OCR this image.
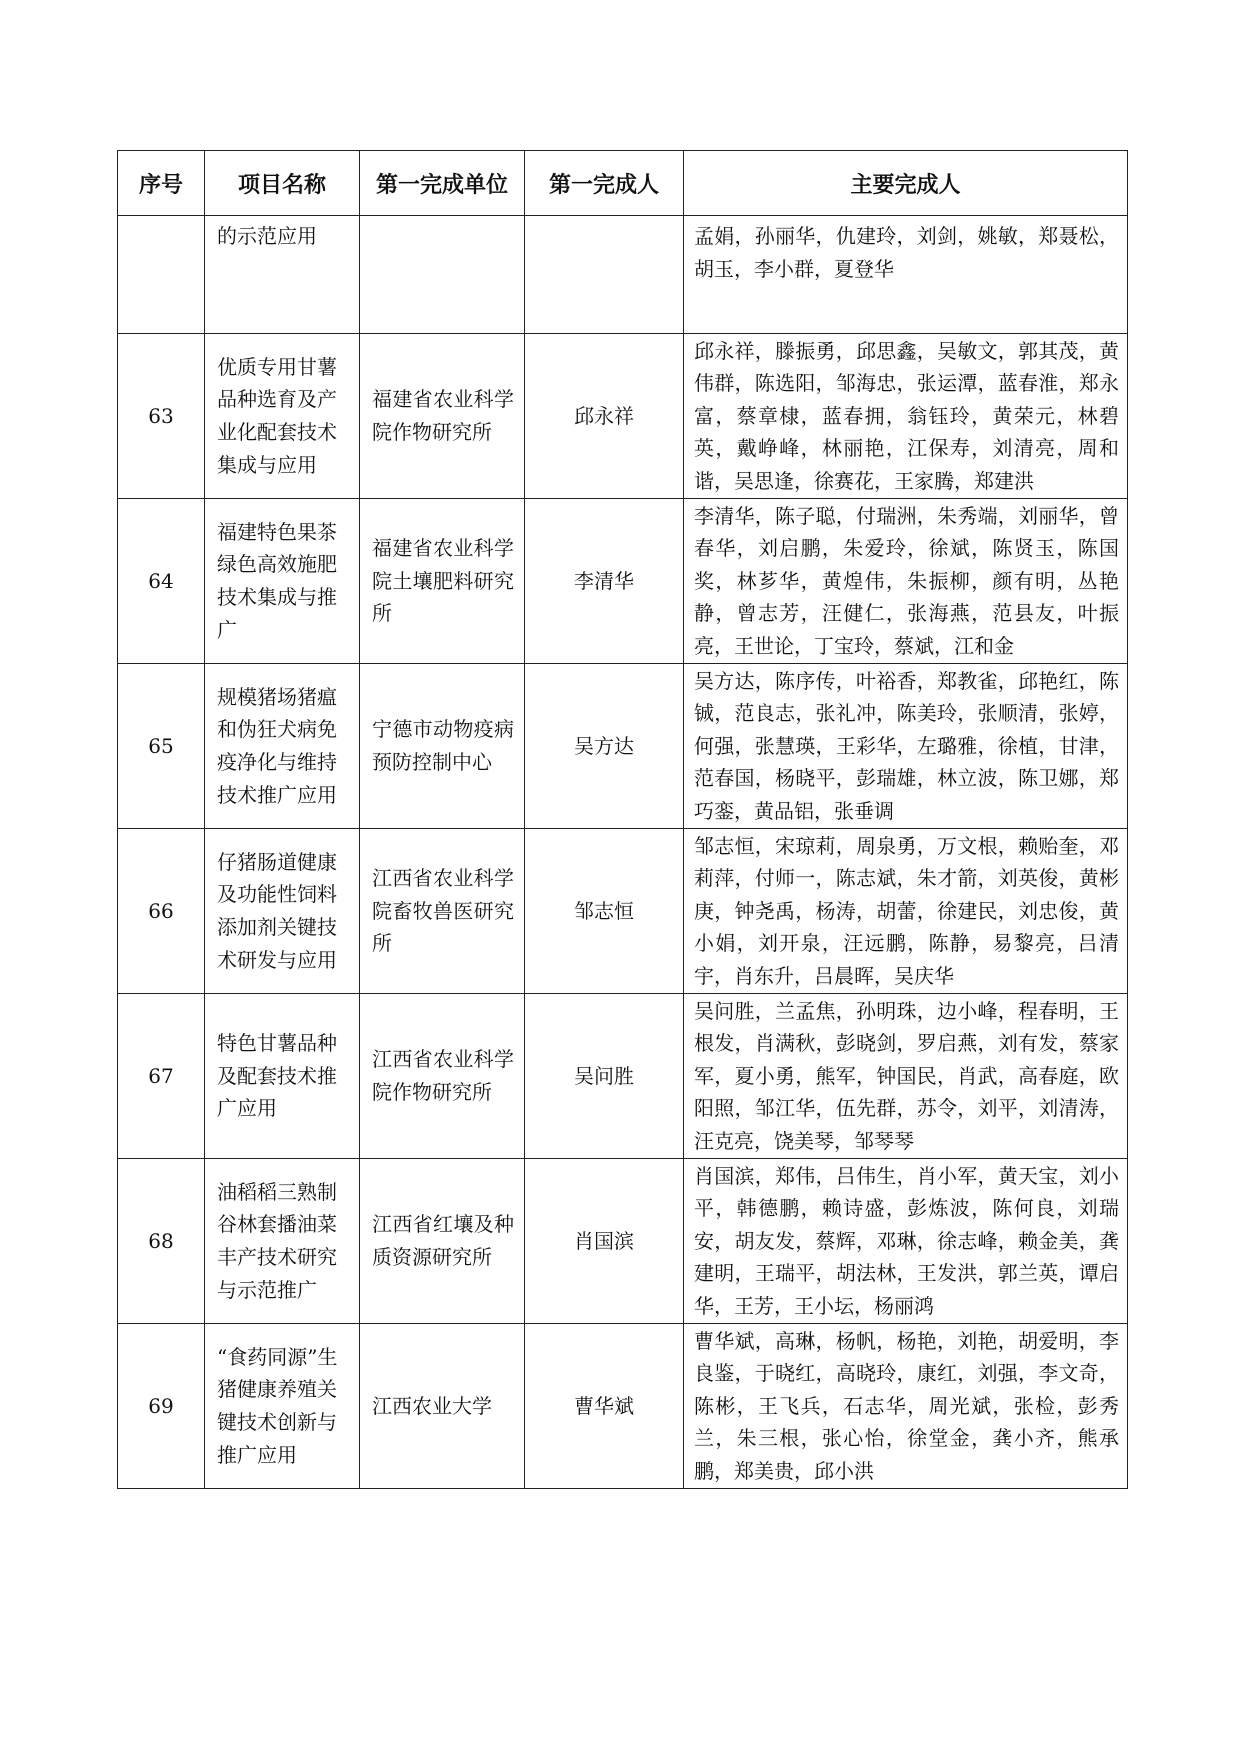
序号	项目名称	第一完成单位	第一完成人	主要完成人
	的示范应用			孟娟，孙丽华，仇建玲，刘剑，姚敏，郑聂松，胡玉，李小群，夏登华
63	优质专用甘薯品种选育及产业化配套技术集成与应用	福建省农业科学院作物研究所	邱永祥	邱永祥，滕振勇，邱思鑫，吴敏文，郭其茂，黄伟群，陈选阳，邹海忠，张运潭，蓝春淮，郑永富，蔡章棣，蓝春拥，翁钰玲，黄荣元，林碧英，戴峥峰，林丽艳，江保寿，刘清亮，周和谐，吴思逢，徐赛花，王家腾，郑建洪
64	福建特色果茶绿色高效施肥技术集成与推广	福建省农业科学院土壤肥料研究所	李清华	李清华，陈子聪，付瑞洲，朱秀端，刘丽华，曾春华，刘启鹏，朱爱玲，徐斌，陈贤玉，陈国奖，林芗华，黄煌伟，朱振柳，颜有明，丛艳静，曾志芳，汪健仁，张海燕，范县友，叶振亮，王世论，丁宝玲，蔡斌，江和金
65	规模猪场猪瘟和伪狂犬病免疫净化与维持技术推广应用	宁德市动物疫病预防控制中心	吴方达	吴方达，陈序传，叶裕香，郑教雀，邱艳红，陈铖，范良志，张礼冲，陈美玲，张顺清，张婷，何强，张慧瑛，王彩华，左璐雅，徐植，甘津，范春国，杨晓平，彭瑞雄，林立波，陈卫娜，郑巧銮，黄品铝，张垂调
66	仔猪肠道健康及功能性饲料添加剂关键技术研发与应用	江西省农业科学院畜牧兽医研究所	邹志恒	邹志恒，宋琼莉，周泉勇，万文根，赖贻奎，邓莉萍，付师一，陈志斌，朱才箭，刘英俊，黄彬庚，钟尧禹，杨涛，胡蕾，徐建民，刘忠俊，黄小娟，刘开泉，汪远鹏，陈静，易黎亮，吕清宇，肖东升，吕晨晖，吴庆华
67	特色甘薯品种及配套技术推广应用	江西省农业科学院作物研究所	吴问胜	吴问胜，兰孟焦，孙明珠，边小峰，程春明，王根发，肖满秋，彭晓剑，罗启燕，刘有发，蔡家军，夏小勇，熊军，钟国民，肖武，高春庭，欧阳照，邹江华，伍先群，苏令，刘平，刘清涛，汪克亮，饶美琴，邹琴琴
68	油稻稻三熟制谷林套播油菜丰产技术研究与示范推广	江西省红壤及种质资源研究所	肖国滨	肖国滨，郑伟，吕伟生，肖小军，黄天宝，刘小平，韩德鹏，赖诗盛，彭炼波，陈何良，刘瑞安，胡友发，蔡辉，邓琳，徐志峰，赖金美，龚建明，王瑞平，胡法林，王发洪，郭兰英，谭启华，王芳，王小坛，杨丽鸿
69	“食药同源”生猪健康养殖关键技术创新与推广应用	江西农业大学	曹华斌	曹华斌，高琳，杨帆，杨艳，刘艳，胡爱明，李良鉴，于晓红，高晓玲，康红，刘强，李文奇，陈彬，王飞兵，石志华，周光斌，张检，彭秀兰，朱三根，张心怡，徐堂金，龚小齐，熊承鹏，郑美贵，邱小洪
